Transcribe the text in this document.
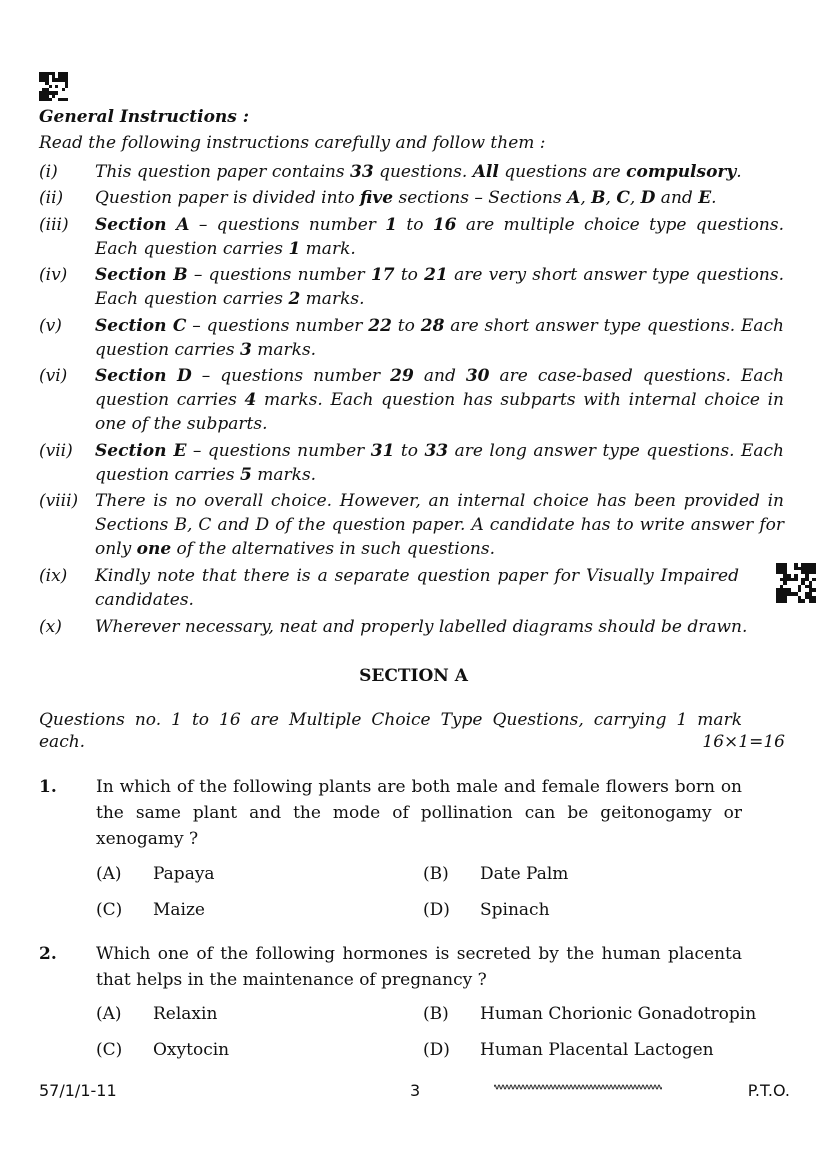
General Instructions :
Read the following instructions carefully and follow them :
(i) This question paper contains 33 questions. All questions are compulsory.
(ii) Question paper is divided into five sections – Sections A, B, C, D and E.
(iii) Section A – questions number 1 to 16 are multiple choice type questions. Each question carries 1 mark.
(iv) Section B – questions number 17 to 21 are very short answer type questions. Each question carries 2 marks.
(v) Section C – questions number 22 to 28 are short answer type questions. Each question carries 3 marks.
(vi) Section D – questions number 29 and 30 are case-based questions. Each question carries 4 marks. Each question has subparts with internal choice in one of the subparts.
(vii) Section E – questions number 31 to 33 are long answer type questions. Each question carries 5 marks.
(viii) There is no overall choice. However, an internal choice has been provided in Sections B, C and D of the question paper. A candidate has to write answer for only one of the alternatives in such questions.
(ix) Kindly note that there is a separate question paper for Visually Impaired candidates.
(x) Wherever necessary, neat and properly labelled diagrams should be drawn.
SECTION A
Questions no. 1 to 16 are Multiple Choice Type Questions, carrying 1 mark
each.	16×1=16
1. In which of the following plants are both male and female flowers born on the same plant and the mode of pollination can be geitonogamy or xenogamy ?
(A) Papaya	(B) Date Palm
(C) Maize	(D) Spinach
2. Which one of the following hormones is secreted by the human placenta that helps in the maintenance of pregnancy ?
(A) Relaxin	(B) Human Chorionic Gonadotropin
(C) Oxytocin	(D) Human Placental Lactogen
57/1/1-11	3	P.T.O.
